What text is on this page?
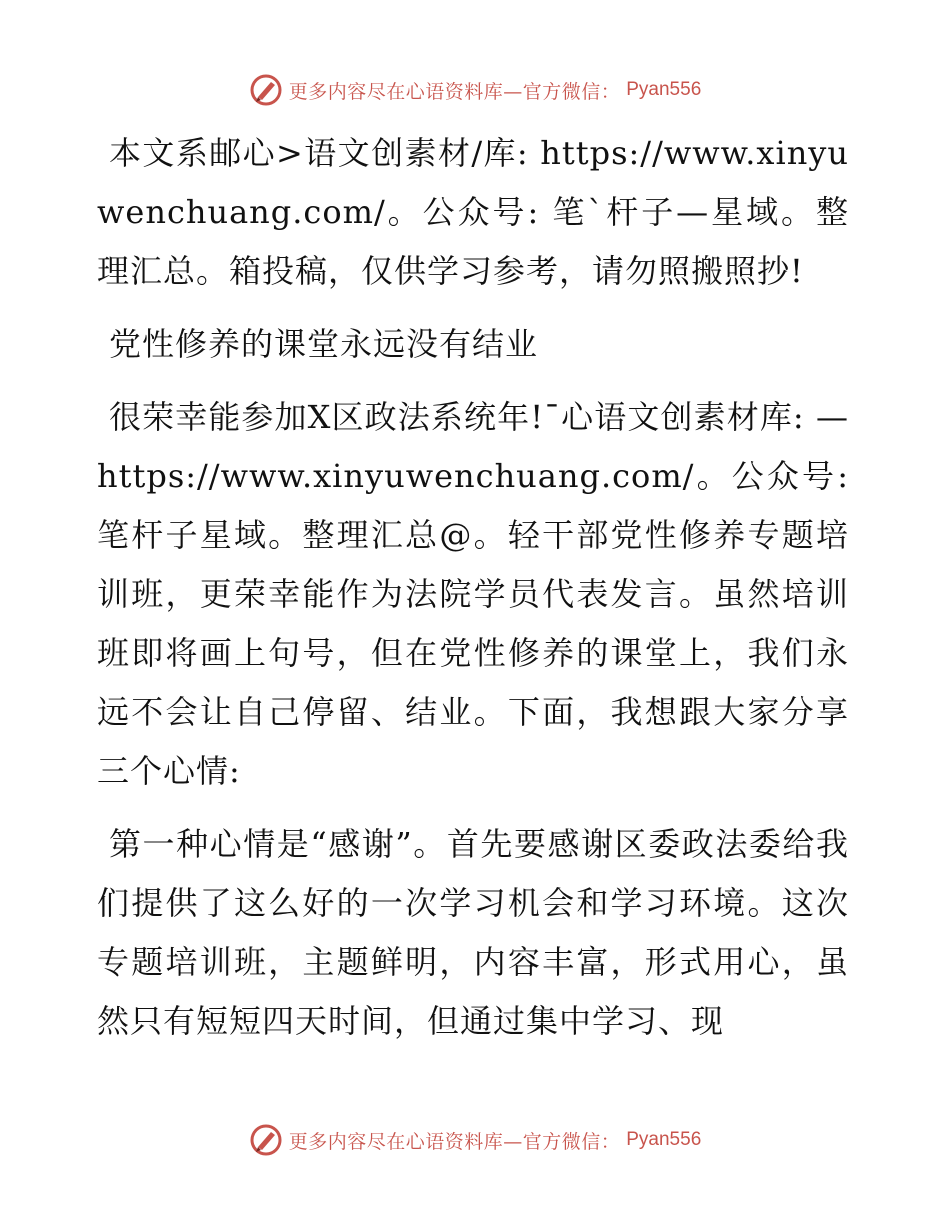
更多内容尽在心语资料库—官方微信： Pyan556

本文系邮心>语文创素材/库: https://www.xinyuwenchuang.com/。公众号: 笔`杆子—星域。整理汇总。箱投稿，仅供学习参考，请勿照搬照抄!

党性修养的课堂永远没有结业

很荣幸能参加X区政法系统年!¯心语文创素材库: —https://www.xinyuwenchuang.com/。公众号: 笔杆子星域。整理汇总@。轻干部党性修养专题培训班，更荣幸能作为法院学员代表发言。虽然培训班即将画上句号，但在党性修养的课堂上，我们永远不会让自己停留、结业。下面，我想跟大家分享三个心情:

第一种心情是“感谢”。首先要感谢区委政法委给我们提供了这么好的一次学习机会和学习环境。这次专题培训班，主题鲜明，内容丰富，形式用心，虽然只有短短四天时间，但通过集中学习、现

更多内容尽在心语资料库—官方微信： Pyan556
